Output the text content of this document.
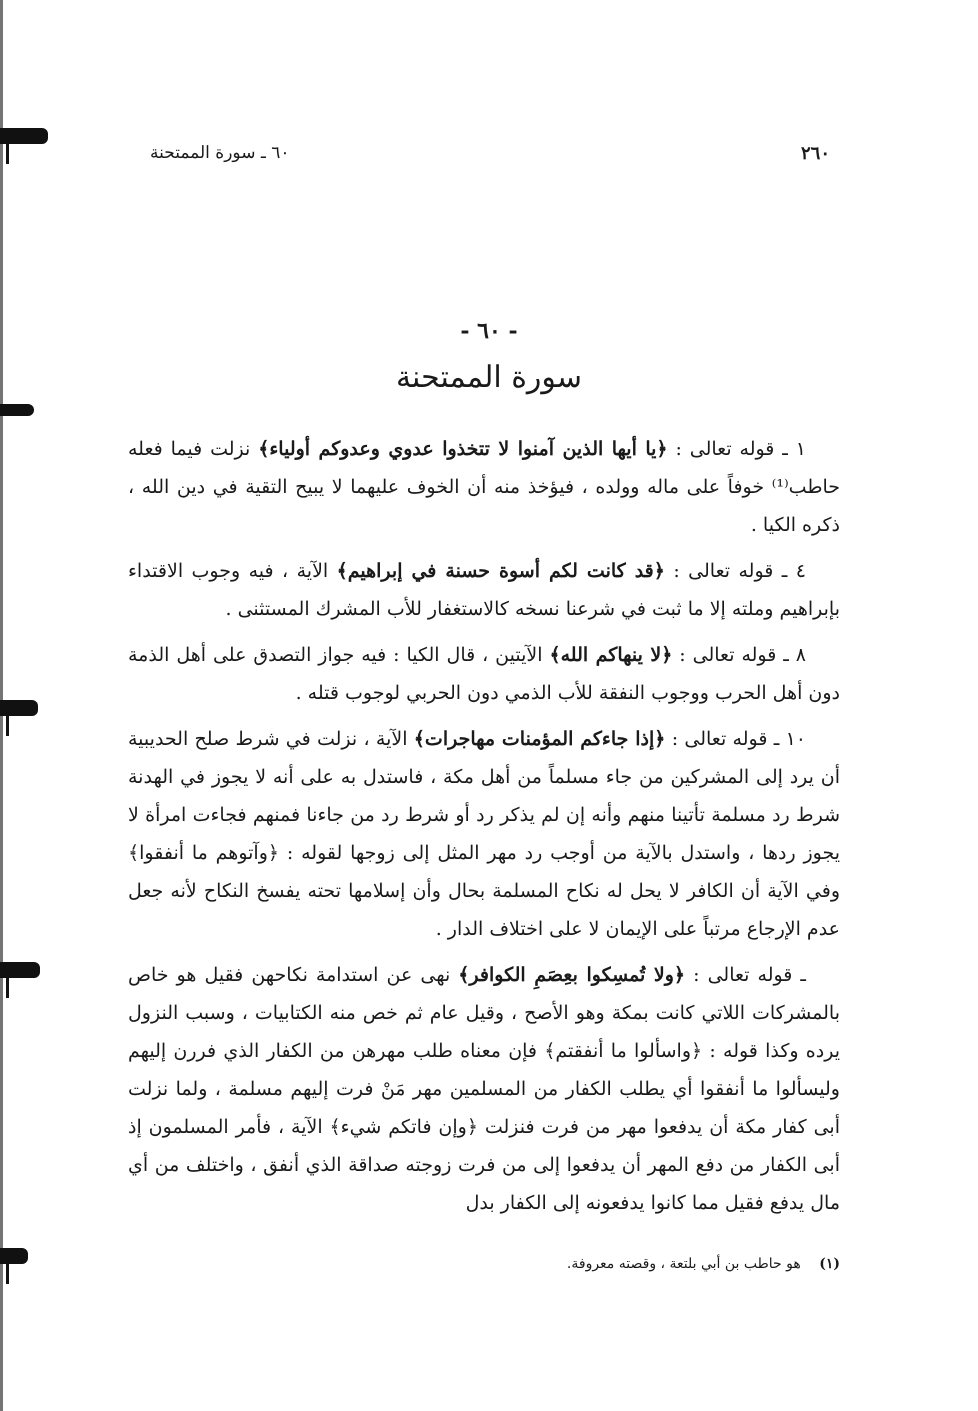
٢٦٠
٦٠ ـ سورة الممتحنة
- ٦٠ -
سورة الممتحنة

١ ـ قوله تعالى : ﴿يا أيها الذين آمنوا لا تتخذوا عدوي وعدوكم أولياء﴾ نزلت فيما فعله حاطب⁽¹⁾ خوفاً على ماله وولده ، فيؤخذ منه أن الخوف عليهما لا يبيح التقية في دين الله ، ذكره الكيا .

٤ ـ قوله تعالى : ﴿قد كانت لكم أسوة حسنة في إبراهيم﴾ الآية ، فيه وجوب الاقتداء بإبراهيم وملته إلا ما ثبت في شرعنا نسخه كالاستغفار للأب المشرك المستثنى .

٨ ـ قوله تعالى : ﴿لا ينهاكم الله﴾ الآيتين ، قال الكيا : فيه جواز التصدق على أهل الذمة دون أهل الحرب ووجوب النفقة للأب الذمي دون الحربي لوجوب قتله .

١٠ ـ قوله تعالى : ﴿إذا جاءكم المؤمنات مهاجرات﴾ الآية ، نزلت في شرط صلح الحديبية أن يرد إلى المشركين من جاء مسلماً من أهل مكة ، فاستدل به على أنه لا يجوز في الهدنة شرط رد مسلمة تأتينا منهم وأنه إن لم يذكر رد أو شرط رد من جاءنا فمنهم فجاءت امرأة لا يجوز ردها ، واستدل بالآية من أوجب رد مهر المثل إلى زوجها لقوله : ﴿وآتوهم ما أنفقوا﴾ وفي الآية أن الكافر لا يحل له نكاح المسلمة بحال وأن إسلامها تحته يفسخ النكاح لأنه جعل عدم الإرجاع مرتباً على الإيمان لا على اختلاف الدار .

ـ قوله تعالى : ﴿ولا تُمسِكوا بعِصَمِ الكوافر﴾ نهى عن استدامة نكاحهن فقيل هو خاص بالمشركات اللاتي كانت بمكة وهو الأصح ، وقيل عام ثم خص منه الكتابيات ، وسبب النزول يرده وكذا قوله : ﴿واسألوا ما أنفقتم﴾ فإن معناه طلب مهرهن من الكفار الذي فررن إليهم وليسألوا ما أنفقوا أي يطلب الكفار من المسلمين مهر مَنْ فرت إليهم مسلمة ، ولما نزلت أبى كفار مكة أن يدفعوا مهر من فرت فنزلت ﴿وإن فاتكم شيء﴾ الآية ، فأمر المسلمون إذ أبى الكفار من دفع المهر أن يدفعوا إلى من فرت زوجته صداقة الذي أنفق ، واختلف من أي مال يدفع فقيل مما كانوا يدفعونه إلى الكفار بدل

(١) هو حاطب بن أبي بلتعة ، وقصته معروفة.
